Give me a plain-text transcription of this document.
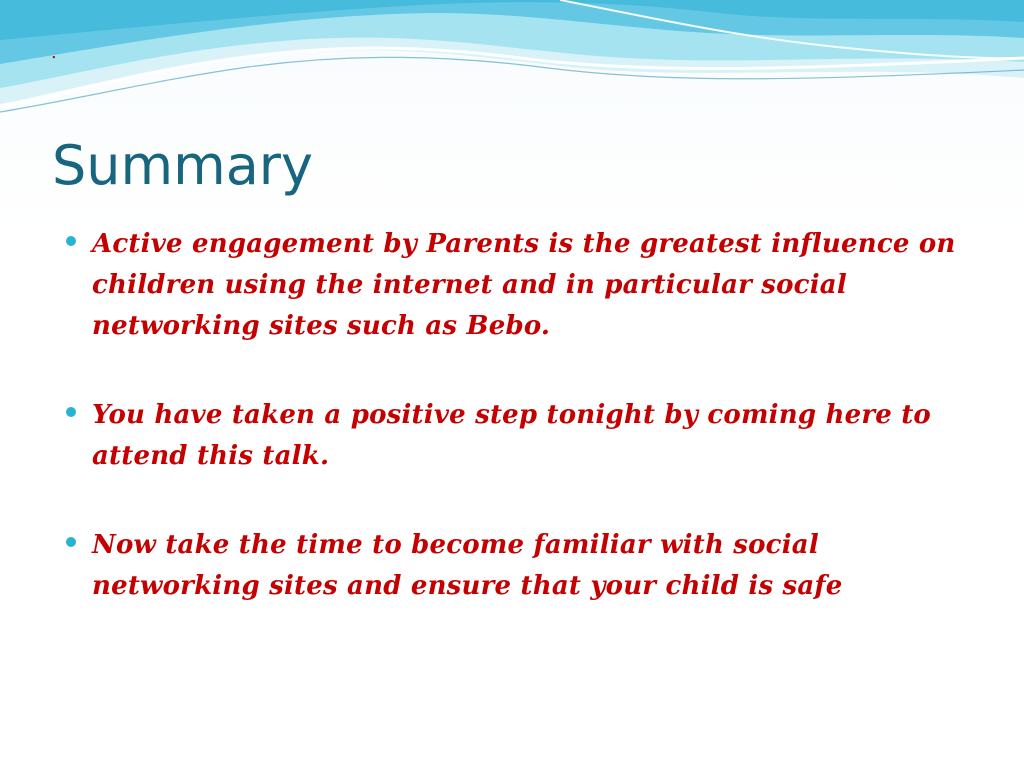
.
Summary
Active engagement by Parents is the greatest influence on children using the internet and in particular social networking sites such as Bebo.
You have taken a positive step tonight by coming here to attend this talk.
Now take the time to become familiar with social networking sites and ensure that your child is safe
